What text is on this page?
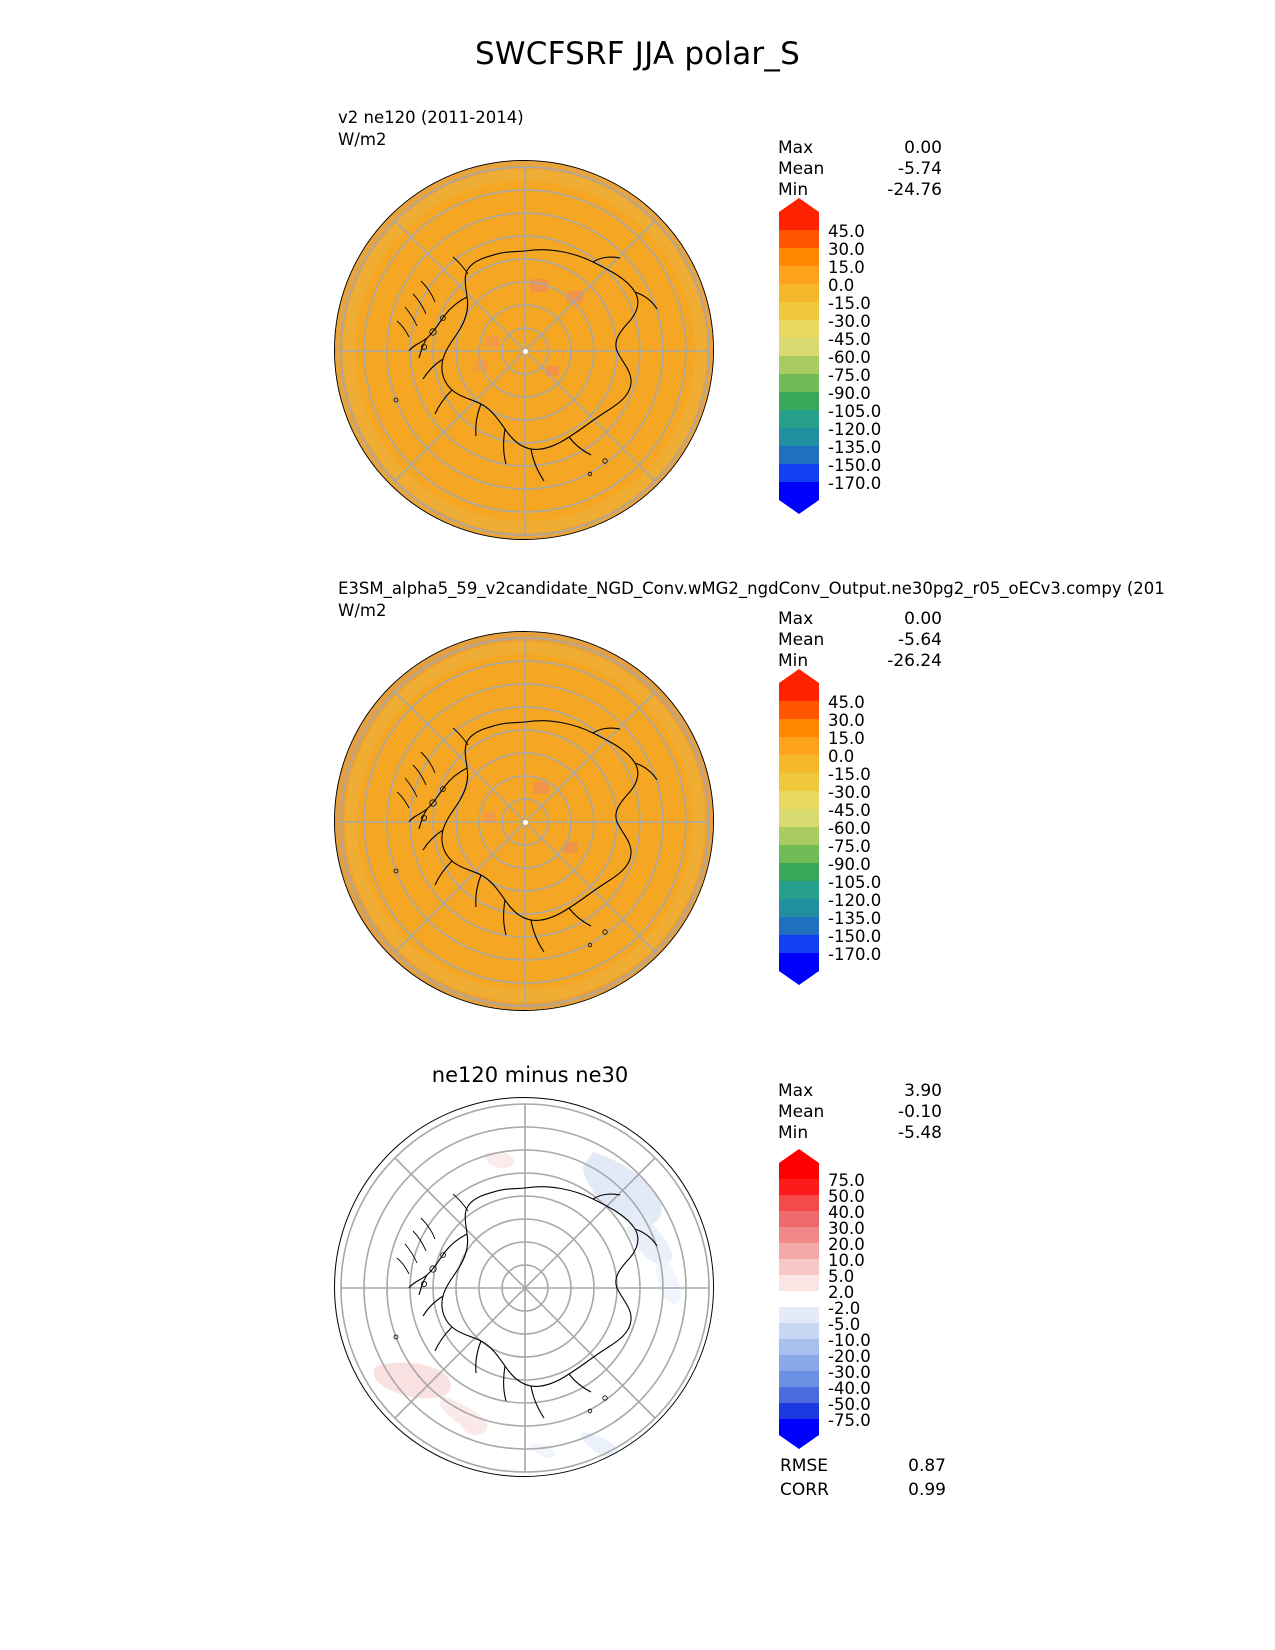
SWCFSRF JJA polar_S
v2 ne120 (2011-2014)
W/m2	Max	0.00
Mean	-5.74
Min	-24.76
45.0
30.0
15.0
0.0
-15.0
-30.0
-45.0
-60.0
-75.0
-90.0
-105.0
-120.0
-135.0
-150.0
-170.0
E3SM_alpha5_59_v2candidate_NGD_Conv.wMG2_ngdConv_Output.ne30pg2_r05_oECv3.compy (201
W/m2	Max	0.00
Mean	-5.64
Min	-26.24
45.0
30.0
15.0
0.0
-15.0
-30.0
-45.0
-60.0
-75.0
-90.0
-105.0
-120.0
-135.0
-150.0
-170.0
ne120 minus ne30
Max	3.90
Mean	-0.10
Min	-5.48
75.0
50.0
40.0
30.0
20.0
10.0
5.0
2.0
-2.0
-5.0
-10.0
-20.0
-30.0
-40.0
-50.0
-75.0
RMSE	0.87
CORR	0.99
